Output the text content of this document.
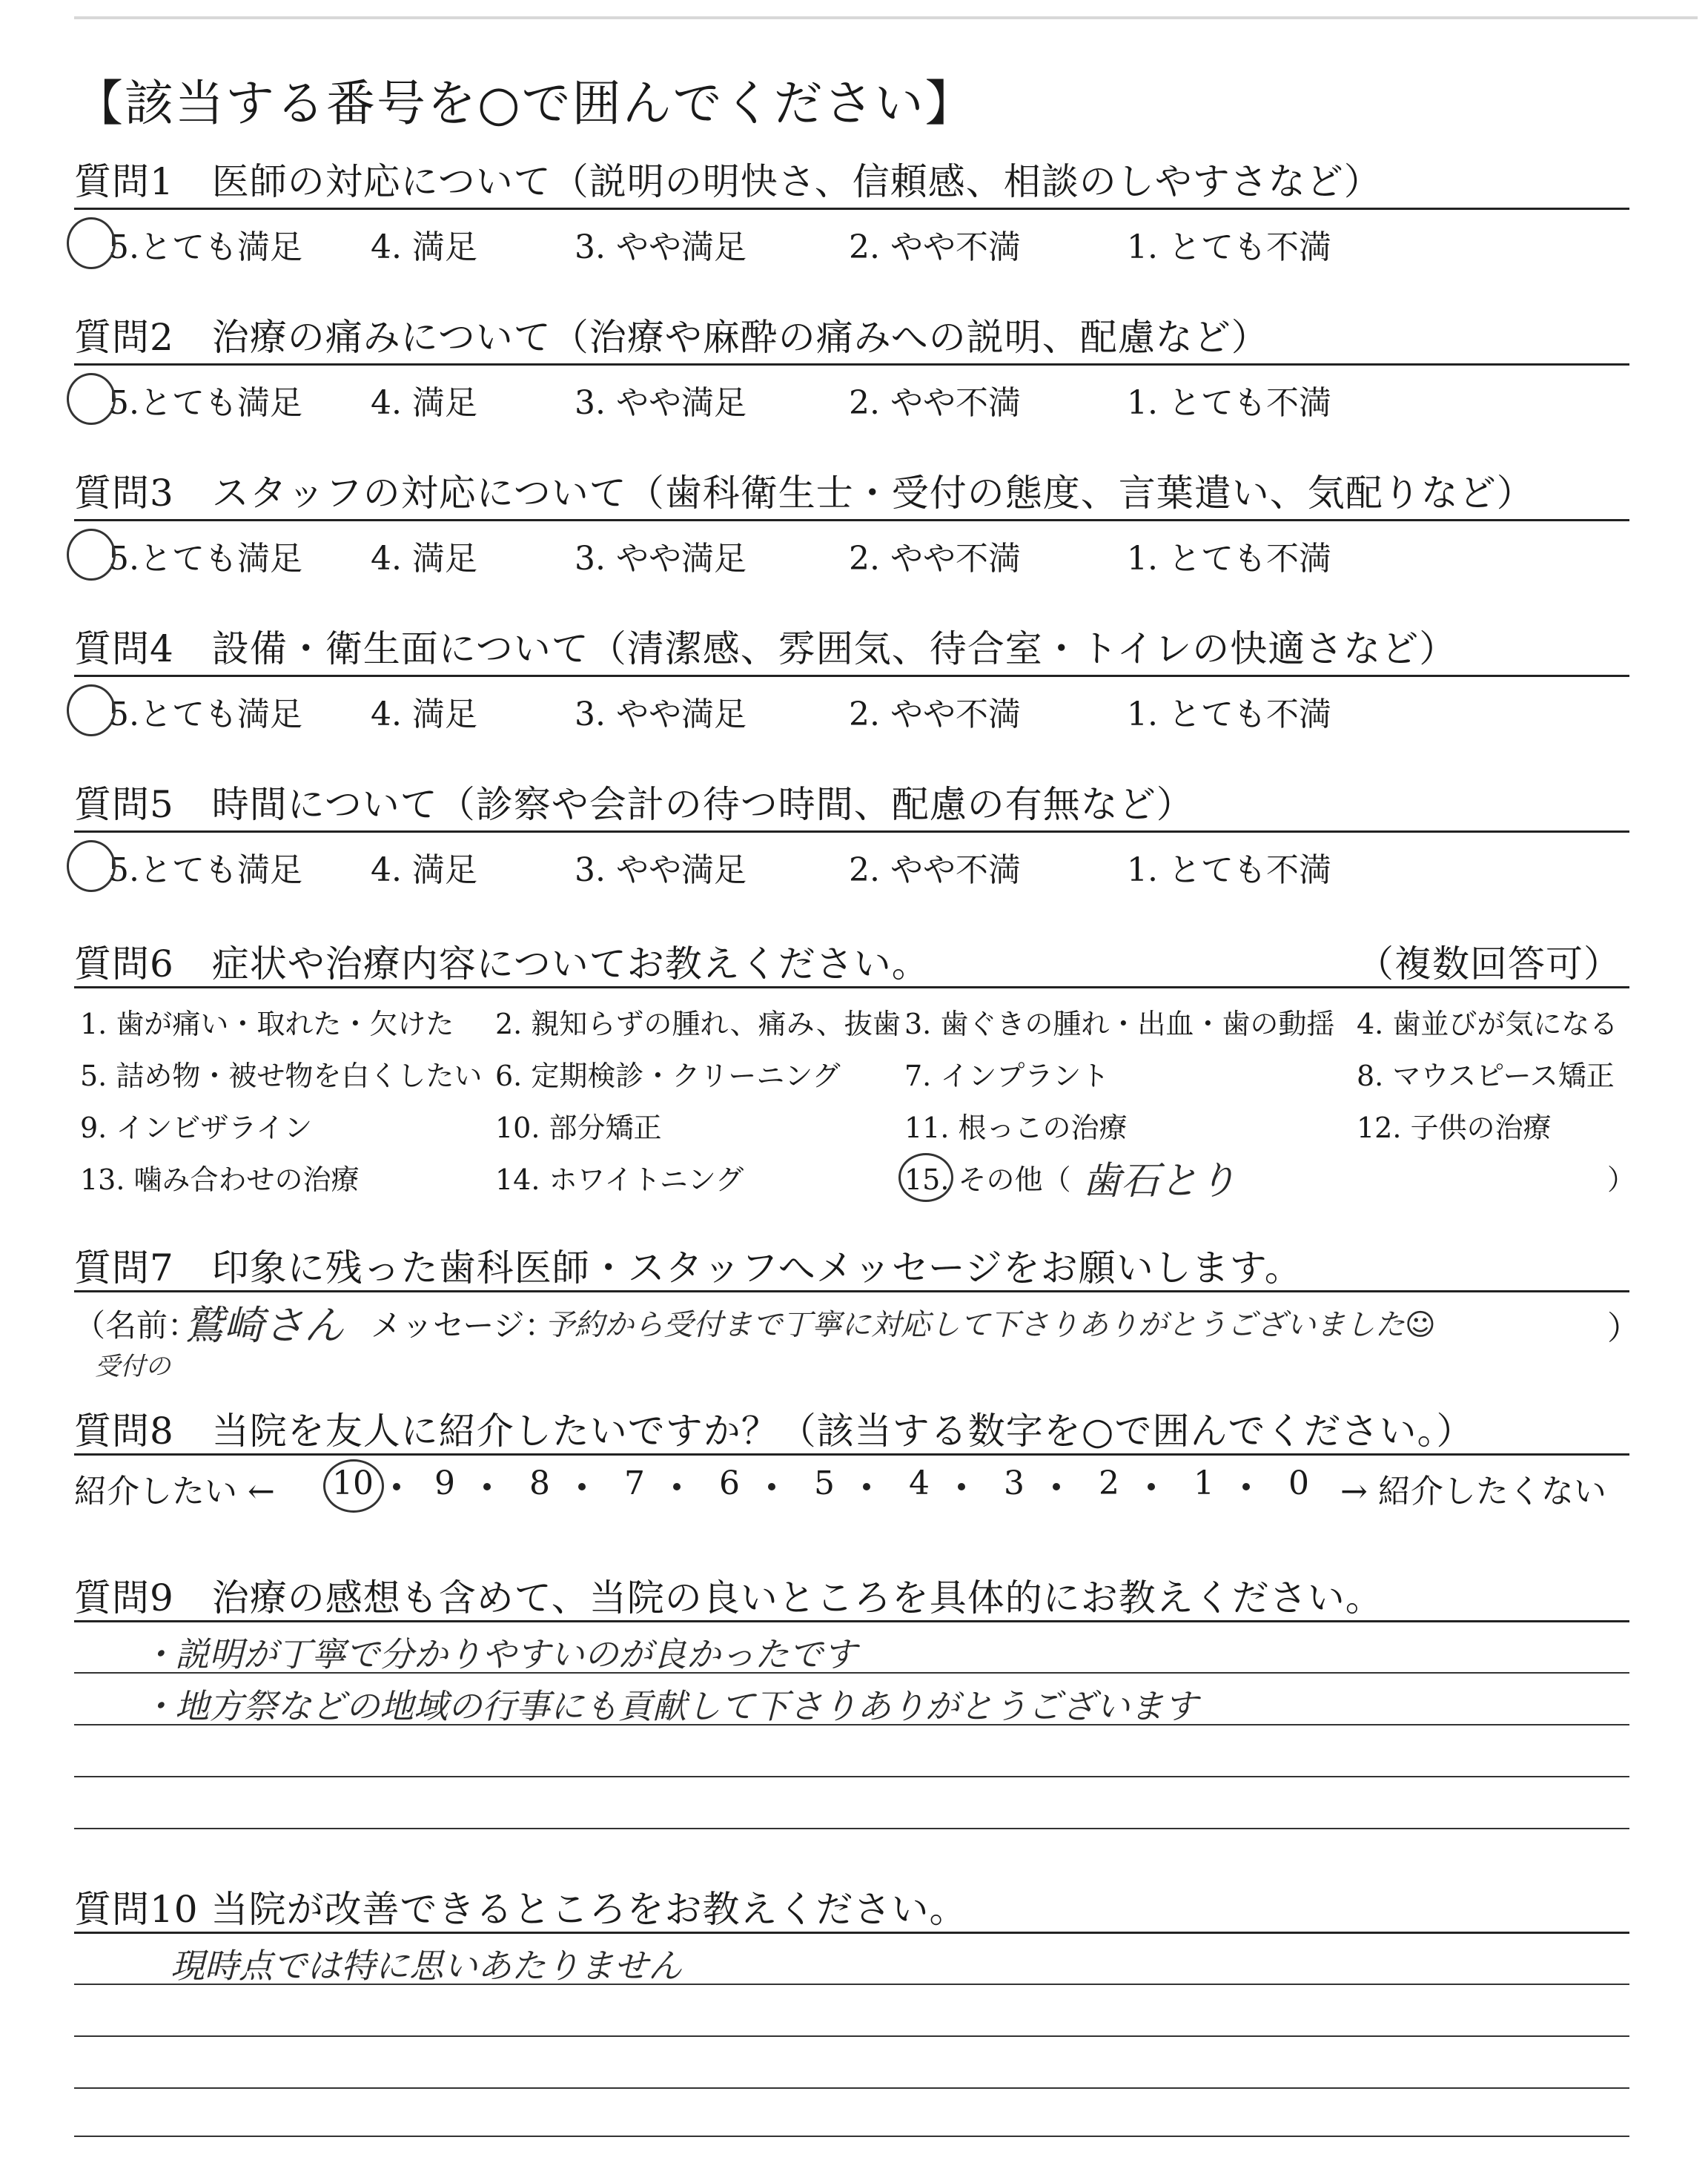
【該当する番号を○で囲んでください】
質問1　医師の対応について（説明の明快さ、信頼感、相談のしやすさなど）
5.とても満足 4. 満足	3. やや満足	2. やや不満	1. とても不満
質問2　治療の痛みについて（治療や麻酔の痛みへの説明、配慮など）
5.とても満足 4. 満足	3. やや満足	2. やや不満	1. とても不満
質問3　スタッフの対応について（歯科衛生士・受付の態度、言葉遣い、気配りなど）
5.とても満足 4. 満足	3. やや満足	2. やや不満	1. とても不満
質問4　設備・衛生面について（清潔感、雰囲気、待合室・トイレの快適さなど）
5.とても満足 4. 満足	3. やや満足	2. やや不満	1. とても不満
質問5　時間について（診察や会計の待つ時間、配慮の有無など）
5.とても満足 4. 満足	3. やや満足	2. やや不満	1. とても不満
質問6　症状や治療内容についてお教えください。	（複数回答可）
1. 歯が痛い・取れた・欠けた 2. 親知らずの腫れ、痛み、抜歯 3. 歯ぐきの腫れ・出血・歯の動揺 4. 歯並びが気になる
5. 詰め物・被せ物を白くしたい 6. 定期検診・クリーニング 7. インプラント	8. マウスピース矯正
9. インビザライン	10. 部分矯正	11. 根っこの治療	12. 子供の治療
13. 噛み合わせの治療	14. ホワイトニング	15. その他（	）
歯石とり
質問7　印象に残った歯科医師・スタッフへメッセージをお願いします。
（名前：
鷲崎さん
受付の
メッセージ：
予約から受付まで丁寧に対応して下さりありがとうございました☺	）
質問8　当院を友人に紹介したいですか？（該当する数字を○で囲んでください。）
紹介したい ← 10 9 8 7 6 5 4 3 2 1 0 → 紹介したくない
質問9　治療の感想も含めて、当院の良いところを具体的にお教えください。
・説明が丁寧で分かりやすいのが良かったです
・地方祭などの地域の行事にも貢献して下さりありがとうございます
質問10 当院が改善できるところをお教えください。
現時点では特に思いあたりません
